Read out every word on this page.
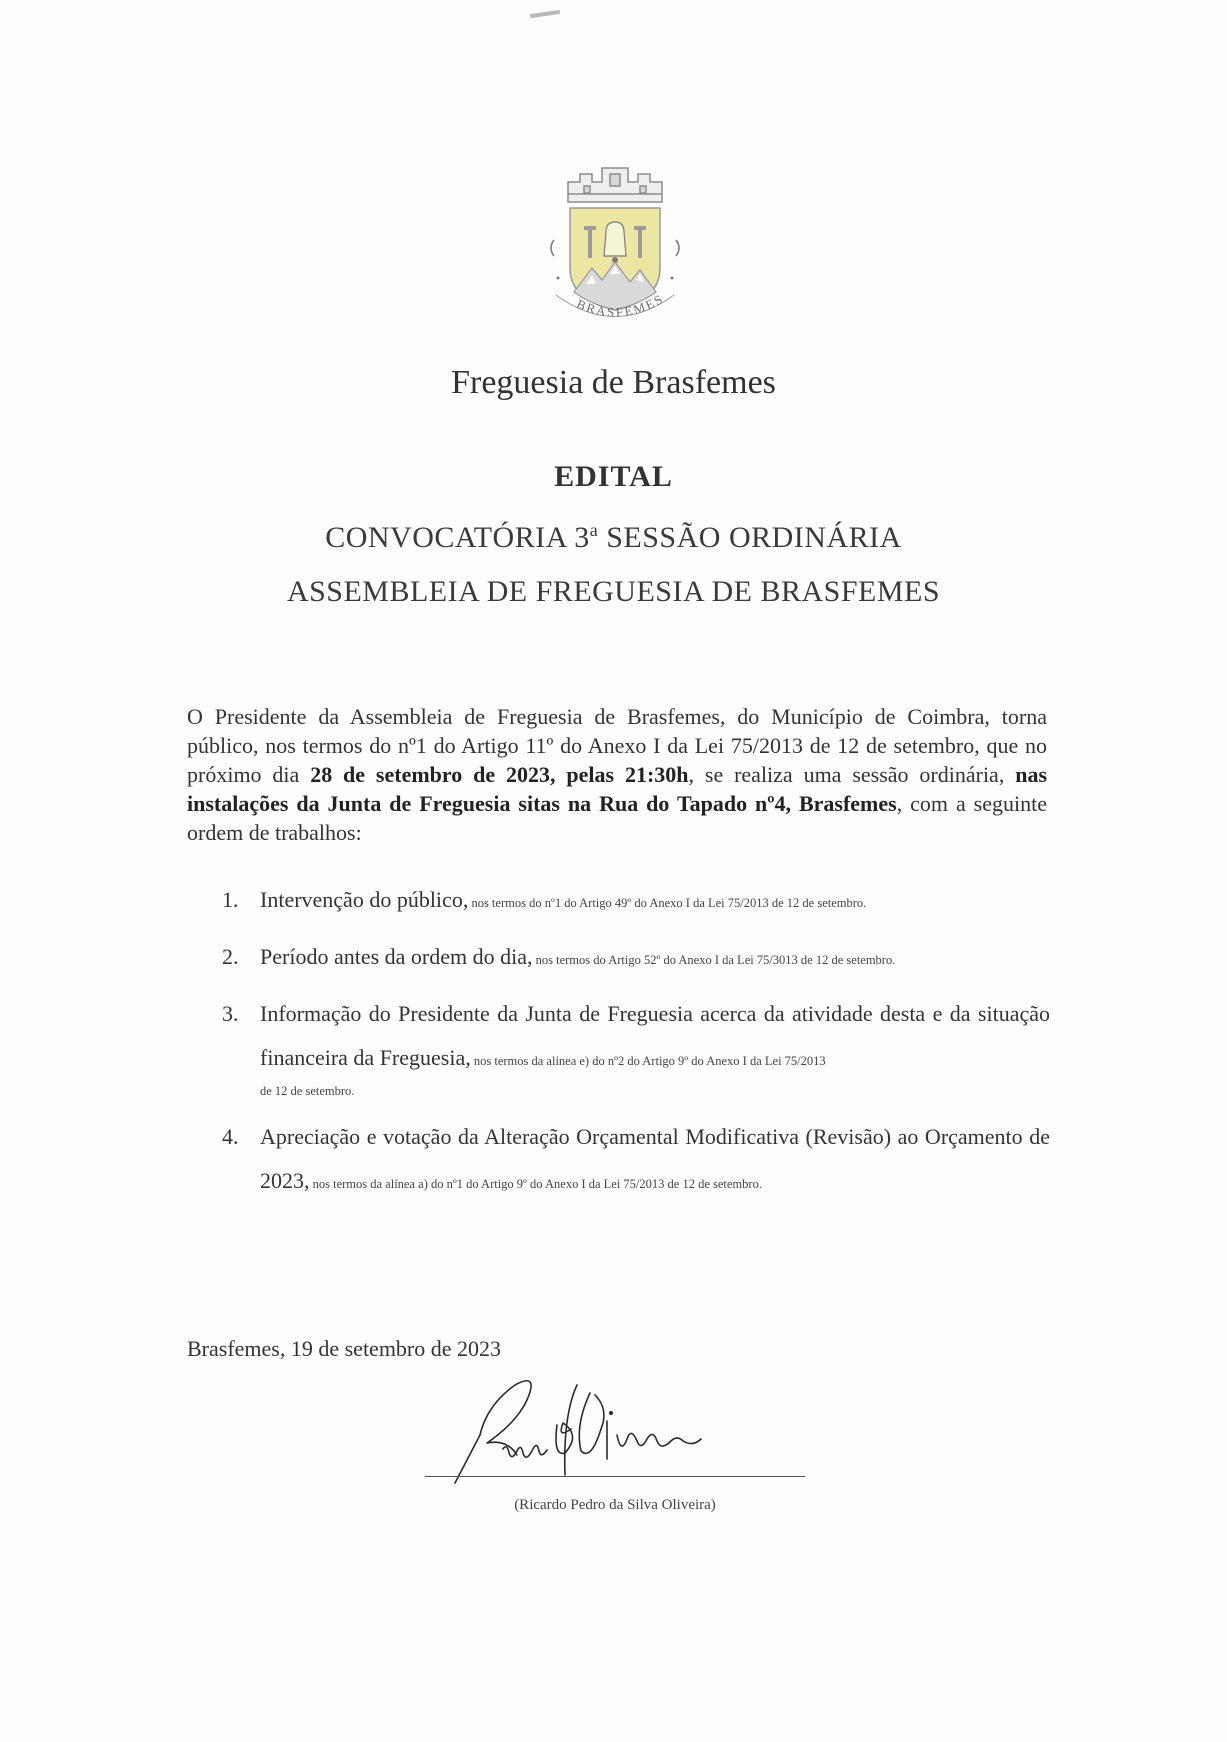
BRASFEMES
Freguesia de Brasfemes
EDITAL
CONVOCATÓRIA 3$^a$ SESSÃO ORDINÁRIA
ASSEMBLEIA DE FREGUESIA DE BRASFEMES

O Presidente da Assembleia de Freguesia de Brasfemes, do Município de Coimbra, torna público, nos termos do nº1 do Artigo 11º do Anexo I da Lei 75/2013 de 12 de setembro, que no próximo dia 28 de setembro de 2023, pelas 21:30h, se realiza uma sessão ordinária, nas instalações da Junta de Freguesia sitas na Rua do Tapado nº4, Brasfemes, com a seguinte ordem de trabalhos:

1. Intervenção do público, nos termos do nº1 do Artigo 49º do Anexo I da Lei 75/2013 de 12 de setembro.
2. Período antes da ordem do dia, nos termos do Artigo 52º do Anexo I da Lei 75/3013 de 12 de setembro.
3. Informação do Presidente da Junta de Freguesia acerca da atividade desta e da situação financeira da Freguesia, nos termos da alínea e) do nº2 do Artigo 9º do Anexo I da Lei 75/2013
de 12 de setembro.
4. Apreciação e votação da Alteração Orçamental Modificativa (Revisão) ao Orçamento de 2023, nos termos da alínea a) do nº1 do Artigo 9º do Anexo I da Lei 75/2013 de 12 de setembro.
Brasfemes, 19 de setembro de 2023
(Ricardo Pedro da Silva Oliveira)
